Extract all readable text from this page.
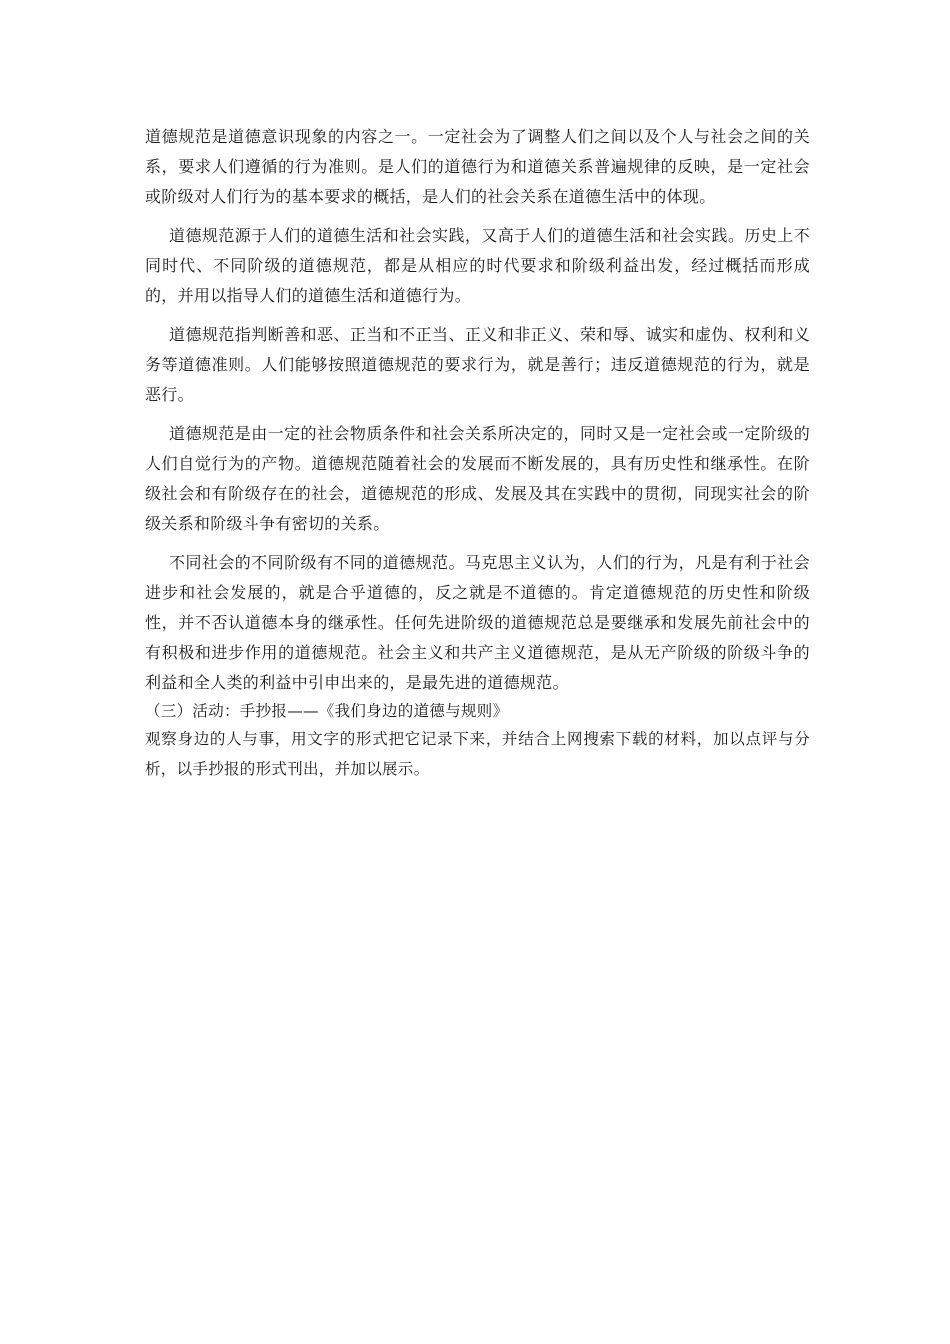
道德规范是道德意识现象的内容之一。一定社会为了调整人们之间以及个人与社会之间的关系，要求人们遵循的行为准则。是人们的道德行为和道德关系普遍规律的反映，是一定社会或阶级对人们行为的基本要求的概括，是人们的社会关系在道德生活中的体现。

道德规范源于人们的道德生活和社会实践，又高于人们的道德生活和社会实践。历史上不同时代、不同阶级的道德规范，都是从相应的时代要求和阶级利益出发，经过概括而形成的，并用以指导人们的道德生活和道德行为。

道德规范指判断善和恶、正当和不正当、正义和非正义、荣和辱、诚实和虚伪、权利和义务等道德准则。人们能够按照道德规范的要求行为，就是善行；违反道德规范的行为，就是恶行。

道德规范是由一定的社会物质条件和社会关系所决定的，同时又是一定社会或一定阶级的人们自觉行为的产物。道德规范随着社会的发展而不断发展的，具有历史性和继承性。在阶级社会和有阶级存在的社会，道德规范的形成、发展及其在实践中的贯彻，同现实社会的阶级关系和阶级斗争有密切的关系。

不同社会的不同阶级有不同的道德规范。马克思主义认为，人们的行为，凡是有利于社会进步和社会发展的，就是合乎道德的，反之就是不道德的。肯定道德规范的历史性和阶级性，并不否认道德本身的继承性。任何先进阶级的道德规范总是要继承和发展先前社会中的有积极和进步作用的道德规范。社会主义和共产主义道德规范，是从无产阶级的阶级斗争的利益和全人类的利益中引申出来的，是最先进的道德规范。

（三）活动：手抄报——《我们身边的道德与规则》

观察身边的人与事，用文字的形式把它记录下来，并结合上网搜索下载的材料，加以点评与分析，以手抄报的形式刊出，并加以展示。
